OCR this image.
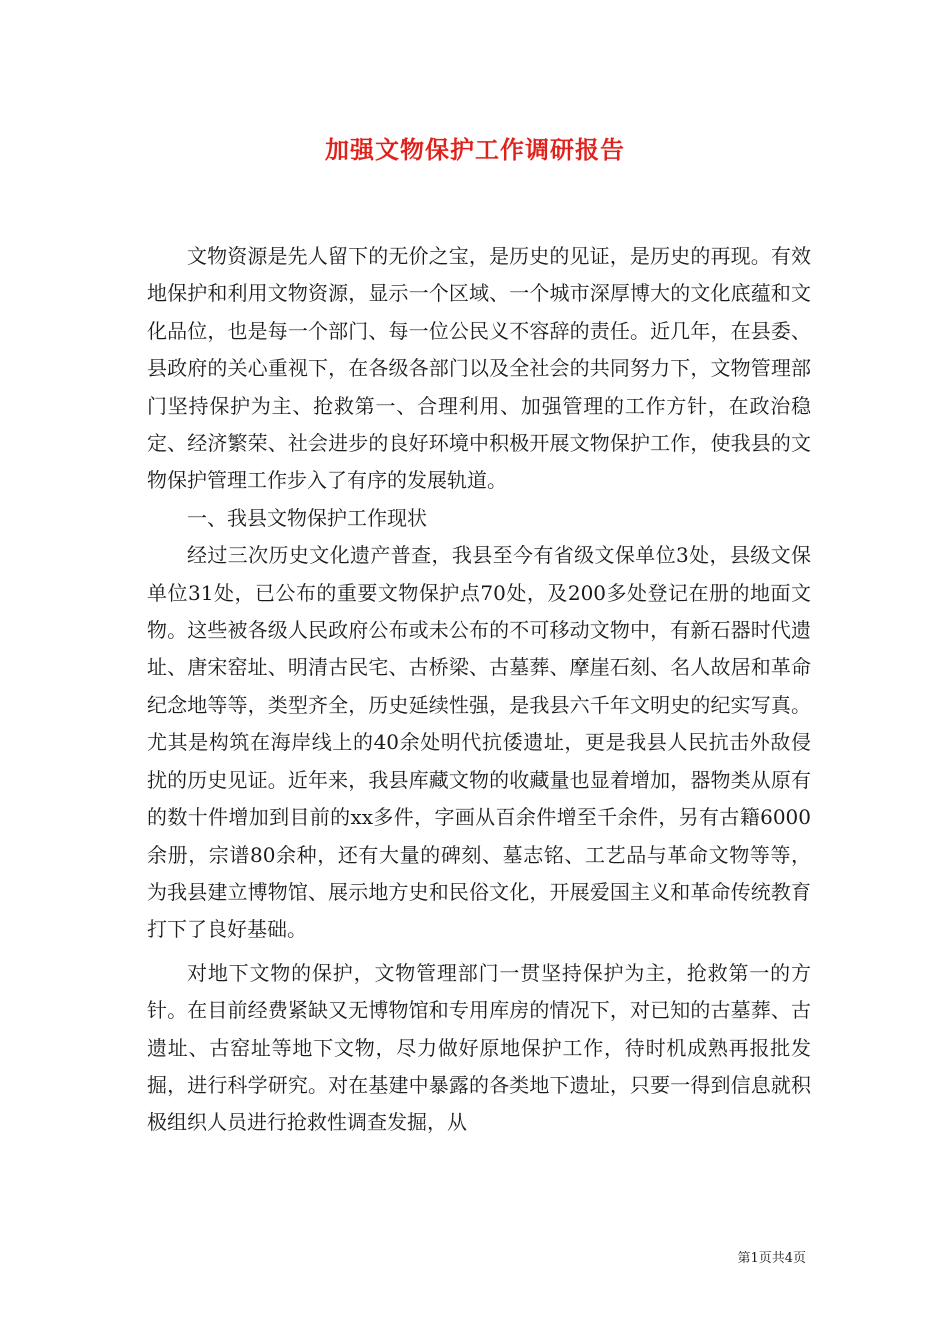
加强文物保护工作调研报告

文物资源是先人留下的无价之宝，是历史的见证，是历史的再现。有效地保护和利用文物资源，显示一个区域、一个城市深厚博大的文化底蕴和文化品位，也是每一个部门、每一位公民义不容辞的责任。近几年，在县委、县政府的关心重视下，在各级各部门以及全社会的共同努力下，文物管理部门坚持保护为主、抢救第一、合理利用、加强管理的工作方针，在政治稳定、经济繁荣、社会进步的良好环境中积极开展文物保护工作，使我县的文物保护管理工作步入了有序的发展轨道。

一、我县文物保护工作现状

经过三次历史文化遗产普查，我县至今有省级文保单位3处，县级文保单位31处，已公布的重要文物保护点70处，及200多处登记在册的地面文物。这些被各级人民政府公布或未公布的不可移动文物中，有新石器时代遗址、唐宋窑址、明清古民宅、古桥梁、古墓葬、摩崖石刻、名人故居和革命纪念地等等，类型齐全，历史延续性强，是我县六千年文明史的纪实写真。尤其是构筑在海岸线上的40余处明代抗倭遗址，更是我县人民抗击外敌侵扰的历史见证。近年来，我县库藏文物的收藏量也显着增加，器物类从原有的数十件增加到目前的xx多件，字画从百余件增至千余件，另有古籍6000余册，宗谱80余种，还有大量的碑刻、墓志铭、工艺品与革命文物等等，为我县建立博物馆、展示地方史和民俗文化，开展爱国主义和革命传统教育打下了良好基础。

对地下文物的保护，文物管理部门一贯坚持保护为主，抢救第一的方针。在目前经费紧缺又无博物馆和专用库房的情况下，对已知的古墓葬、古遗址、古窑址等地下文物，尽力做好原地保护工作，待时机成熟再报批发掘，进行科学研究。对在基建中暴露的各类地下遗址，只要一得到信息就积极组织人员进行抢救性调查发掘，从

第1页共4页
